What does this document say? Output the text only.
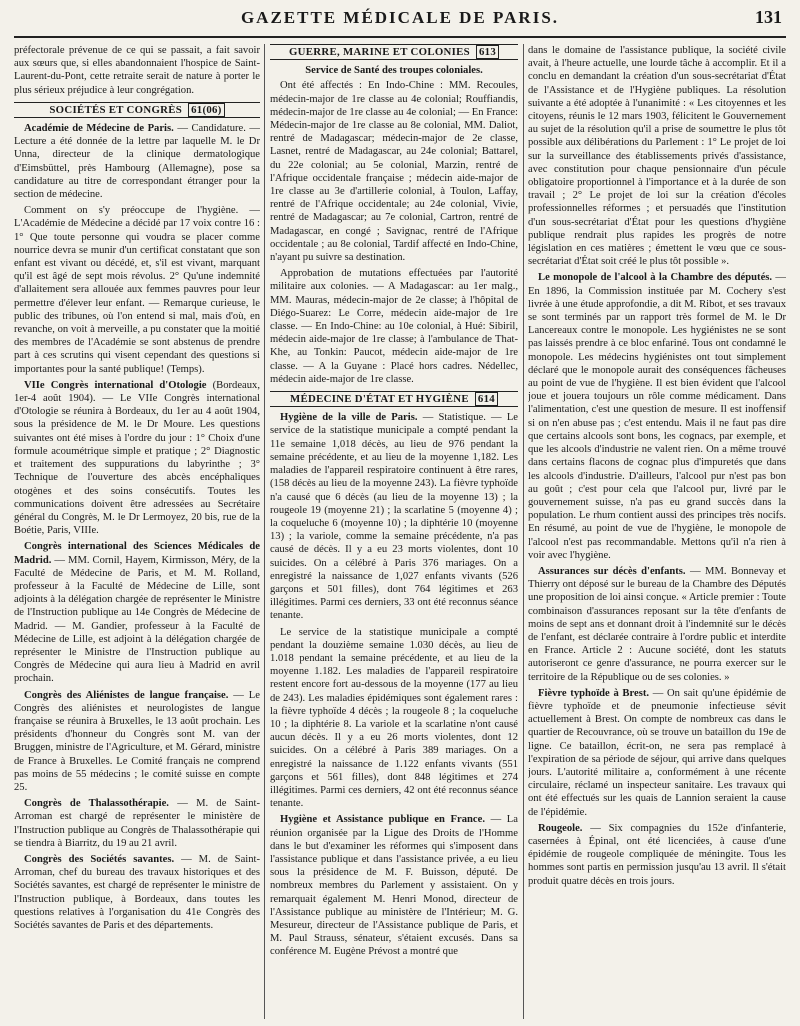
GAZETTE MÉDICALE DE PARIS.	131

préfectorale prévenue de ce qui se passait, a fait savoir aux sœurs que, si elles abandonnaient l'hospice de Saint-Laurent-du-Pont, cette retraite serait de nature à porter le plus sérieux préjudice à leur congrégation.

SOCIÉTÉS ET CONGRÈS 61(06)

Académie de Médecine de Paris. — Candidature. — Lecture a été donnée de la lettre par laquelle M. le Dr Unna, directeur de la clinique dermatologique d'Eimsbüttel, près Hambourg (Allemagne), pose sa candidature au titre de correspondant étranger pour la section de médecine.

Comment on s'y préoccupe de l'hygiène. — L'Académie de Médecine a décidé par 17 voix contre 16 : 1° Que toute personne qui voudra se placer comme nourrice devra se munir d'un certificat constatant que son enfant est vivant ou décédé, et, s'il est vivant, marquant qu'il est âgé de sept mois révolus. 2° Qu'une indemnité d'allaitement sera allouée aux femmes pauvres pour leur permettre d'élever leur enfant. — Remarque curieuse, le public des tribunes, où l'on entend si mal, mais d'où, en revanche, on voit à merveille, a pu constater que la moitié des membres de l'Académie se sont abstenus de prendre part à ces scrutins qui visent cependant des questions si importantes pour la santé publique! (Temps).

VIIe Congrès international d'Otologie (Bordeaux, 1er-4 août 1904). — Le VIIe Congrès international d'Otologie se réunira à Bordeaux, du 1er au 4 août 1904, sous la présidence de M. le Dr Moure. Les questions suivantes ont été mises à l'ordre du jour : 1° Choix d'une formule acoumétrique simple et pratique ; 2° Diagnostic et traitement des suppurations du labyrinthe ; 3° Technique de l'ouverture des abcès encéphaliques otogènes et des soins consécutifs. Toutes les communications doivent être adressées au Secrétaire général du Congrès, M. le Dr Lermoyez, 20 bis, rue de la Boétie, Paris, VIIIe.

Congrès international des Sciences Médicales de Madrid. — MM. Cornil, Hayem, Kirmisson, Méry, de la Faculté de Médecine de Paris, et M. M. Rolland, professeur à la Faculté de Médecine de Lille, sont adjoints à la délégation chargée de représenter le Ministre de l'Instruction publique au 14e Congrès de Médecine de Madrid. — M. Gandier, professeur à la Faculté de Médecine de Lille, est adjoint à la délégation chargée de représenter le Ministre de l'Instruction publique au Congrès de Médecine qui aura lieu à Madrid en avril prochain.

Congrès des Aliénistes de langue française. — Le Congrès des aliénistes et neurologistes de langue française se réunira à Bruxelles, le 13 août prochain. Les présidents d'honneur du Congrès sont M. van der Bruggen, ministre de l'Agriculture, et M. Gérard, ministre de France à Bruxelles. Le Comité français ne comprend pas moins de 55 médecins ; le comité suisse en compte 25.

Congrès de Thalassothérapie. — M. de Saint-Arroman est chargé de représenter le ministère de l'Instruction publique au Congrès de Thalassothérapie qui se tiendra à Biarritz, du 19 au 21 avril.

Congrès des Sociétés savantes. — M. de Saint-Arroman, chef du bureau des travaux historiques et des Sociétés savantes, est chargé de représenter le ministre de l'Instruction publique, à Bordeaux, dans toutes les questions relatives à l'organisation du 41e Congrès des Sociétés savantes de Paris et des départements.

GUERRE, MARINE ET COLONIES 613
Service de Santé des troupes coloniales.

Ont été affectés : En Indo-Chine : MM. Recoules, médecin-major de 1re classe au 4e colonial; Rouffiandis, médecin-major de 1re classe au 4e colonial; — En France: Médecin-major de 1re classe au 8e colonial, MM. Daliot, rentré de Madagascar; médecin-major de 2e classe, Lasnet, rentré de Madagascar, au 24e colonial; Battarel, du 22e colonial; au 5e colonial, Marzin, rentré de l'Afrique occidentale française ; médecin aide-major de 1re classe au 3e d'artillerie colonial, à Toulon, Laffay, rentré de l'Afrique occidentale; au 24e colonial, Vivie, rentré de Madagascar; au 7e colonial, Cartron, rentré de Madagascar, en congé ; Savignac, rentré de l'Afrique occidentale ; au 8e colonial, Tardif affecté en Indo-Chine, n'ayant pu suivre sa destination.

Approbation de mutations effectuées par l'autorité militaire aux colonies. — A Madagascar: au 1er malg., MM. Mauras, médecin-major de 2e classe; à l'hôpital de Diégo-Suarez: Le Corre, médecin aide-major de 1re classe. — En Indo-Chine: au 10e colonial, à Hué: Sibiril, médecin aide-major de 1re classe; à l'ambulance de That-Khe, au Tonkin: Paucot, médecin aide-major de 1re classe. — A la Guyane : Placé hors cadres. Nédellec, médecin aide-major de 1re classe.

MÉDECINE D'ÉTAT ET HYGIÈNE 614

Hygiène de la ville de Paris. — Statistique. — Le service de la statistique municipale a compté pendant la 11e semaine 1,018 décès, au lieu de 976 pendant la semaine précédente, et au lieu de la moyenne 1,182. Les maladies de l'appareil respiratoire continuent à être rares, (158 décès au lieu de la moyenne 243). La fièvre typhoïde n'a causé que 6 décès (au lieu de la moyenne 13) ; la rougeole 19 (moyenne 21) ; la scarlatine 5 (moyenne 4) ; la coqueluche 6 (moyenne 10) ; la diphtérie 10 (moyenne 13) ; la variole, comme la semaine précédente, n'a pas causé de décès. Il y a eu 23 morts violentes, dont 10 suicides. On a célébré à Paris 376 mariages. On a enregistré la naissance de 1,027 enfants vivants (526 garçons et 501 filles), dont 764 légitimes et 263 illégitimes. Parmi ces derniers, 33 ont été reconnus séance tenante.

Le service de la statistique municipale a compté pendant la douzième semaine 1.030 décès, au lieu de 1.018 pendant la semaine précédente, et au lieu de la moyenne 1.182. Les maladies de l'appareil respiratoire restent encore fort au-dessous de la moyenne (177 au lieu de 243). Les maladies épidémiques sont également rares : la fièvre typhoïde 4 décès ; la rougeole 8 ; la coqueluche 10 ; la diphtérie 8. La variole et la scarlatine n'ont causé aucun décès. Il y a eu 26 morts violentes, dont 12 suicides. On a célébré à Paris 389 mariages. On a enregistré la naissance de 1.122 enfants vivants (551 garçons et 561 filles), dont 848 légitimes et 274 illégitimes. Parmi ces derniers, 42 ont été reconnus séance tenante.

Hygiène et Assistance publique en France. — La réunion organisée par la Ligue des Droits de l'Homme dans le but d'examiner les réformes qui s'imposent dans l'assistance publique et dans l'assistance privée, a eu lieu sous la présidence de M. F. Buisson, député. De nombreux membres du Parlement y assistaient. On y remarquait également M. Henri Monod, directeur de l'Assistance publique au ministère de l'Intérieur; M. G. Mesureur, directeur de l'Assistance publique de Paris, et M. Paul Strauss, sénateur, s'étaient excusés. Dans sa conférence M. Eugène Prévost a montré que

dans le domaine de l'assistance publique, la société civile avait, à l'heure actuelle, une lourde tâche à accomplir. Et il a conclu en demandant la création d'un sous-secrétariat d'État de l'Assistance et de l'Hygiène publiques. La résolution suivante a été adoptée à l'unanimité : « Les citoyennes et les citoyens, réunis le 12 mars 1903, félicitent le Gouvernement au sujet de la résolution qu'il a prise de soumettre le plus tôt possible aux délibérations du Parlement : 1° Le projet de loi sur la surveillance des établissements privés d'assistance, avec constitution pour chaque pensionnaire d'un pécule obligatoire proportionnel à l'importance et à la durée de son travail ; 2° Le projet de loi sur la création d'écoles professionnelles réformes ; et persuadés que l'institution d'un sous-secrétariat d'État pour les questions d'hygiène publique rendrait plus rapides les progrès de notre législation en ces matières ; émettent le vœu que ce sous-secrétariat d'État soit créé le plus tôt possible ».

Le monopole de l'alcool à la Chambre des députés. — En 1896, la Commission instituée par M. Cochery s'est livrée à une étude approfondie, a dit M. Ribot, et ses travaux se sont terminés par un rapport très formel de M. le Dr Lancereaux contre le monopole. Les hygiénistes ne se sont pas laissés prendre à ce bloc enfariné. Tous ont condamné le monopole. Les médecins hygiénistes ont tout simplement déclaré que le monopole aurait des conséquences fâcheuses au point de vue de l'hygiène. Il est bien évident que l'alcool joue et jouera toujours un rôle comme médicament. Dans l'alimentation, c'est une question de mesure. Il est inoffensif si on n'en abuse pas ; c'est entendu. Mais il ne faut pas dire que certains alcools sont bons, les cognacs, par exemple, et que les alcools d'industrie ne valent rien. On a même trouvé dans certains flacons de cognac plus d'impuretés que dans les alcools d'industrie. D'ailleurs, l'alcool pur n'est pas bon au goût ; c'est pour cela que l'alcool pur, livré par le gouvernement suisse, n'a pas eu grand succès dans la population. Le rhum contient aussi des principes très nocifs. En résumé, au point de vue de l'hygiène, le monopole de l'alcool n'est pas recommandable. Mettons qu'il n'a rien à voir avec l'hygiène.

Assurances sur décès d'enfants. — MM. Bonnevay et Thierry ont déposé sur le bureau de la Chambre des Députés une proposition de loi ainsi conçue. « Article premier : Toute combinaison d'assurances reposant sur la tête d'enfants de moins de sept ans et donnant droit à l'indemnité sur le décès de l'enfant, est déclarée contraire à l'ordre public et interdite en France. Article 2 : Aucune société, dont les statuts autoriseront ce genre d'assurance, ne pourra exercer sur le territoire de la République ou de ses colonies. »

Fièvre typhoïde à Brest. — On sait qu'une épidémie de fièvre typhoïde et de pneumonie infectieuse sévit actuellement à Brest. On compte de nombreux cas dans le quartier de Recouvrance, où se trouve un bataillon du 19e de ligne. Ce bataillon, écrit-on, ne sera pas remplacé à l'expiration de sa période de séjour, qui arrive dans quelques jours. L'autorité militaire a, conformément à une récente circulaire, réclamé un inspecteur sanitaire. Les travaux qui ont été effectués sur les quais de Lannion seraient la cause de l'épidémie.

Rougeole. — Six compagnies du 152e d'infanterie, casernées à Épinal, ont été licenciées, à cause d'une épidémie de rougeole compliquée de méningite. Tous les hommes sont partis en permission jusqu'au 13 avril. Il s'était produit quatre décès en trois jours.
